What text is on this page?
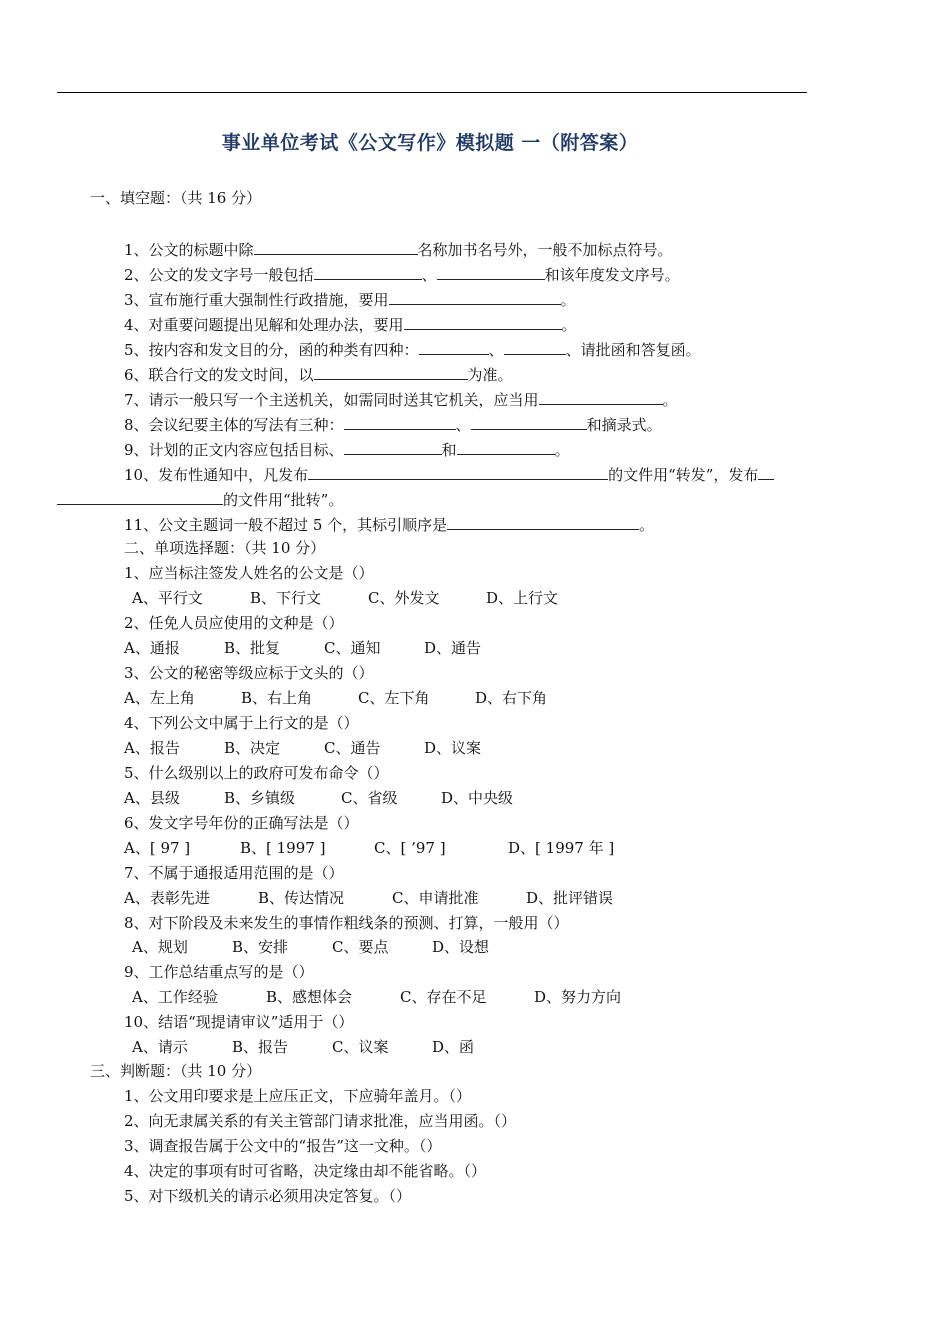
事业单位考试《公文写作》模拟题 一（附答案）
一、填空题：（共 16 分）
1、公文的标题中除	名称加书名号外，一般不加标点符号。
2、公文的发文字号一般包括	、	和该年度发文序号。
3、宣布施行重大强制性行政措施，要用	。
4、对重要问题提出见解和处理办法，要用	。
5、按内容和发文目的分，函的种类有四种：	、	、请批函和答复函。
6、联合行文的发文时间，以	为准。
7、请示一般只写一个主送机关，如需同时送其它机关，应当用	。
8、会议纪要主体的写法有三种：	、	和摘录式。
9、计划的正文内容应包括目标、	和	。
10、发布性通知中，凡发布	的文件用“转发”，发布
的文件用“批转”。
11、公文主题词一般不超过 5 个，其标引顺序是	。
二、单项选择题：（共 10 分）
1、应当标注签发人姓名的公文是（）
A、平行文	B、下行文	C、外发文	D、上行文
2、任免人员应使用的文种是（）
A、通报	B、批复	C、通知	D、通告
3、公文的秘密等级应标于文头的（）
A、左上角	B、右上角	C、左下角	D、右下角
4、下列公文中属于上行文的是（）
A、报告	B、决定	C、通告	D、议案
5、什么级别以上的政府可发布命令（）
A、县级	B、乡镇级	C、省级	D、中央级
6、发文字号年份的正确写法是（）
A、[ 97 ]	B、[ 1997 ]	C、[ ’97 ]	D、[ 1997 年 ]
7、不属于通报适用范围的是（）
A、表彰先进	B、传达情况	C、申请批准	D、批评错误
8、对下阶段及未来发生的事情作粗线条的预测、打算，一般用（）
A、规划	B、安排	C、要点	D、设想
9、工作总结重点写的是（）
A、工作经验	B、感想体会	C、存在不足	D、努力方向
10、结语“现提请审议”适用于（）
A、请示	B、报告	C、议案	D、函
三、判断题：（共 10 分）
1、公文用印要求是上应压正文，下应骑年盖月。（）
2、向无隶属关系的有关主管部门请求批准，应当用函。（）
3、调查报告属于公文中的“报告”这一文种。（）
4、决定的事项有时可省略，决定缘由却不能省略。（）
5、对下级机关的请示必须用决定答复。（）
